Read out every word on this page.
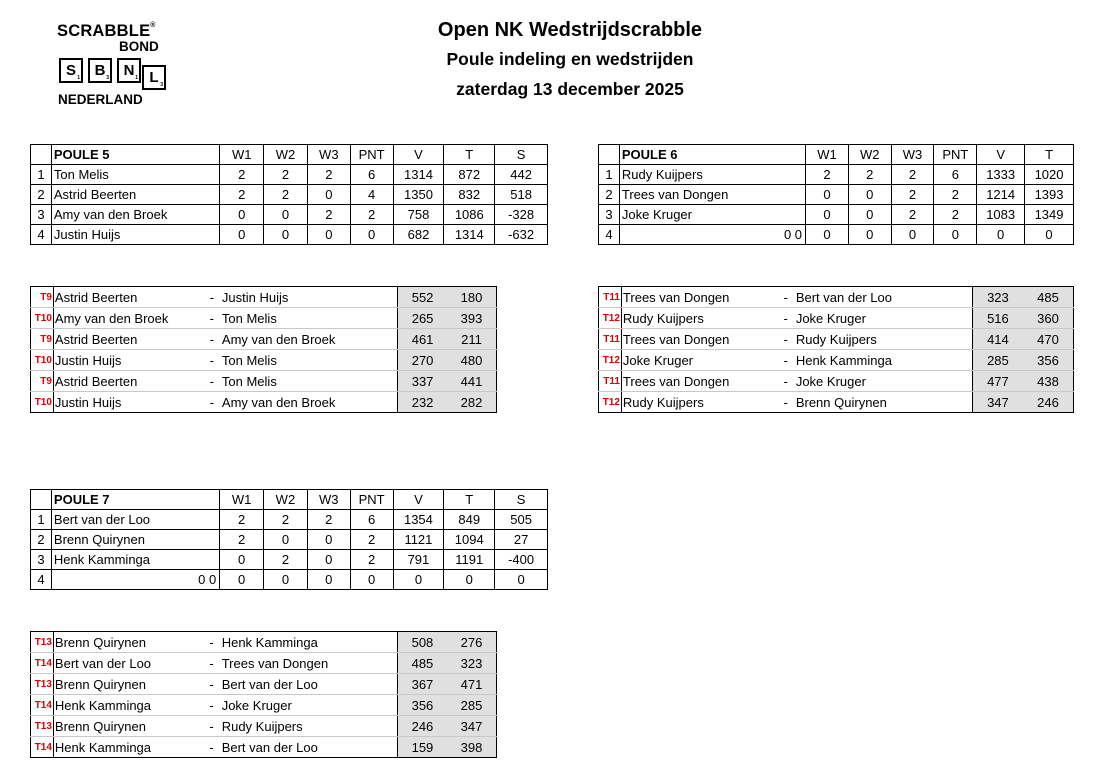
SCRABBLE®
BOND
S 1 B 3 N 1 L 3
NEDERLAND
Open NK Wedstrijdscrabble
Poule indeling en wedstrijden
zaterdag 13 december 2025
	POULE 5	W1	W2	W3	PNT	V	T	S
1	Ton Melis	2	2	2	6	1314	872	442
2	Astrid Beerten	2	2	0	4	1350	832	518
3	Amy van den Broek	0	0	2	2	758	1086	-328
4	Justin Huijs	0	0	0	0	682	1314	-632
	POULE 6	W1	W2	W3	PNT	V	T
1	Rudy Kuijpers	2	2	2	6	1333	1020
2	Trees van Dongen	0	0	2	2	1214	1393
3	Joke Kruger	0	0	2	2	1083	1349
4	0 0	0	0	0	0	0	0
T9	Astrid Beerten	-	Justin Huijs	552	180
T10	Amy van den Broek	-	Ton Melis	265	393
T9	Astrid Beerten	-	Amy van den Broek	461	211
T10	Justin Huijs	-	Ton Melis	270	480
T9	Astrid Beerten	-	Ton Melis	337	441
T10	Justin Huijs	-	Amy van den Broek	232	282
T11	Trees van Dongen	-	Bert van der Loo	323	485
T12	Rudy Kuijpers	-	Joke Kruger	516	360
T11	Trees van Dongen	-	Rudy Kuijpers	414	470
T12	Joke Kruger	-	Henk Kamminga	285	356
T11	Trees van Dongen	-	Joke Kruger	477	438
T12	Rudy Kuijpers	-	Brenn Quirynen	347	246
	POULE 7	W1	W2	W3	PNT	V	T	S
1	Bert van der Loo	2	2	2	6	1354	849	505
2	Brenn Quirynen	2	0	0	2	1121	1094	27
3	Henk Kamminga	0	2	0	2	791	1191	-400
4	0 0	0	0	0	0	0	0	0
T13	Brenn Quirynen	-	Henk Kamminga	508	276
T14	Bert van der Loo	-	Trees van Dongen	485	323
T13	Brenn Quirynen	-	Bert van der Loo	367	471
T14	Henk Kamminga	-	Joke Kruger	356	285
T13	Brenn Quirynen	-	Rudy Kuijpers	246	347
T14	Henk Kamminga	-	Bert van der Loo	159	398
